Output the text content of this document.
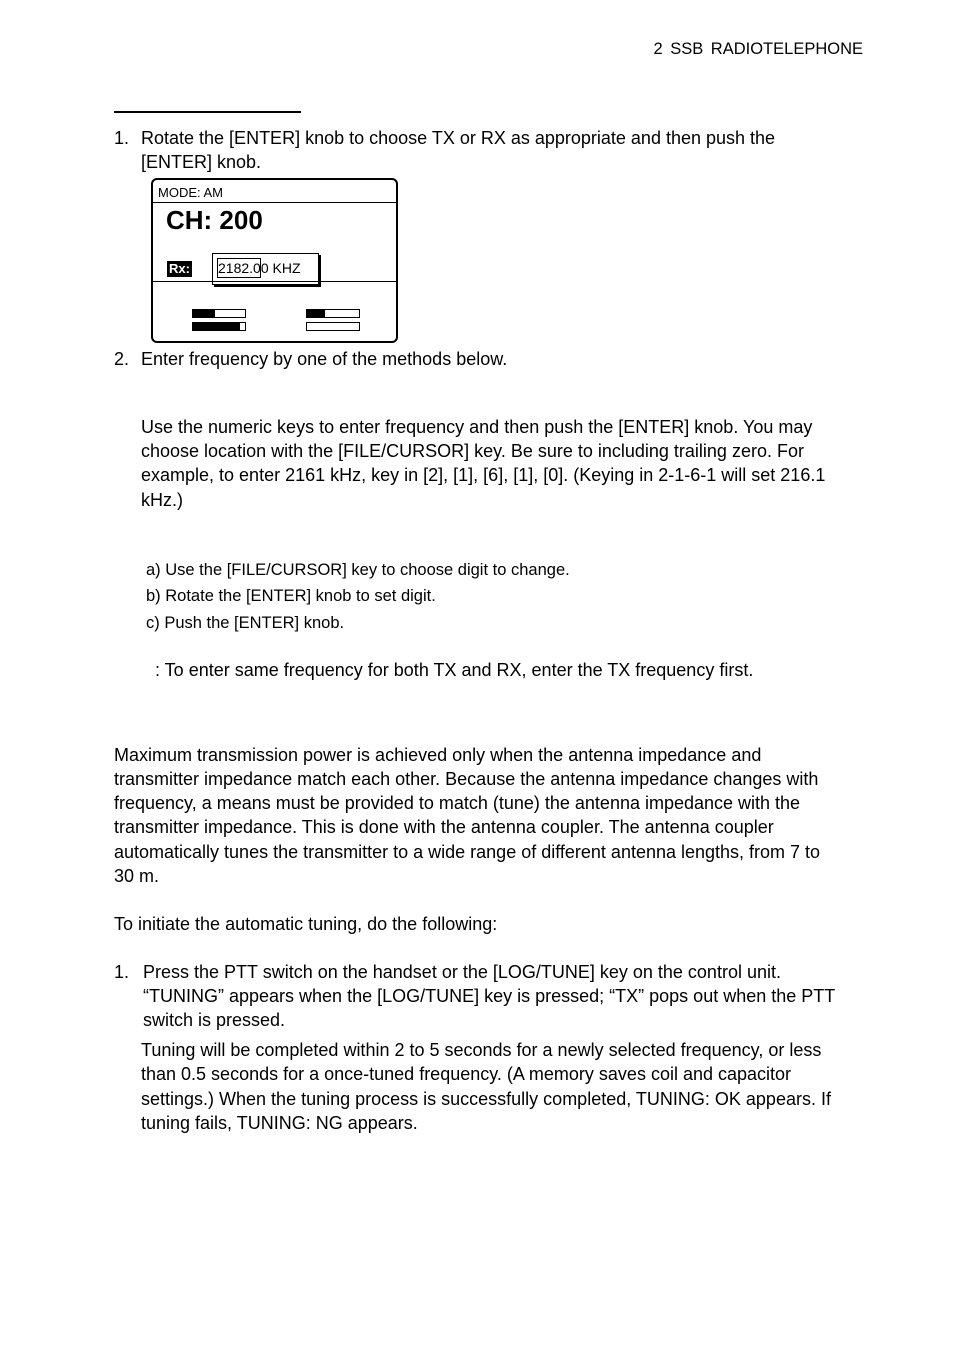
2 SSB RADIOTELEPHONE
1. Rotate the [ENTER] knob to choose TX or RX as appropriate and then push the
[ENTER] knob.
MODE: AM
CH: 200
Rx: 2182.00 KHZ
2. Enter frequency by one of the methods below.
Use the numeric keys to enter frequency and then push the [ENTER] knob. You may
choose location with the [FILE/CURSOR] key. Be sure to including trailing zero. For
example, to enter 2161 kHz, key in [2], [1], [6], [1], [0]. (Keying in 2-1-6-1 will set 216.1
kHz.)
a) Use the [FILE/CURSOR] key to choose digit to change.
b) Rotate the [ENTER] knob to set digit.
c) Push the [ENTER] knob.
: To enter same frequency for both TX and RX, enter the TX frequency first.
Maximum transmission power is achieved only when the antenna impedance and
transmitter impedance match each other. Because the antenna impedance changes with
frequency, a means must be provided to match (tune) the antenna impedance with the
transmitter impedance. This is done with the antenna coupler. The antenna coupler
automatically tunes the transmitter to a wide range of different antenna lengths, from 7 to
30 m.
To initiate the automatic tuning, do the following:
1. Press the PTT switch on the handset or the [LOG/TUNE] key on the control unit.
“TUNING” appears when the [LOG/TUNE] key is pressed; “TX” pops out when the PTT
switch is pressed.
Tuning will be completed within 2 to 5 seconds for a newly selected frequency, or less
than 0.5 seconds for a once-tuned frequency. (A memory saves coil and capacitor
settings.) When the tuning process is successfully completed, TUNING: OK appears. If
tuning fails, TUNING: NG appears.
